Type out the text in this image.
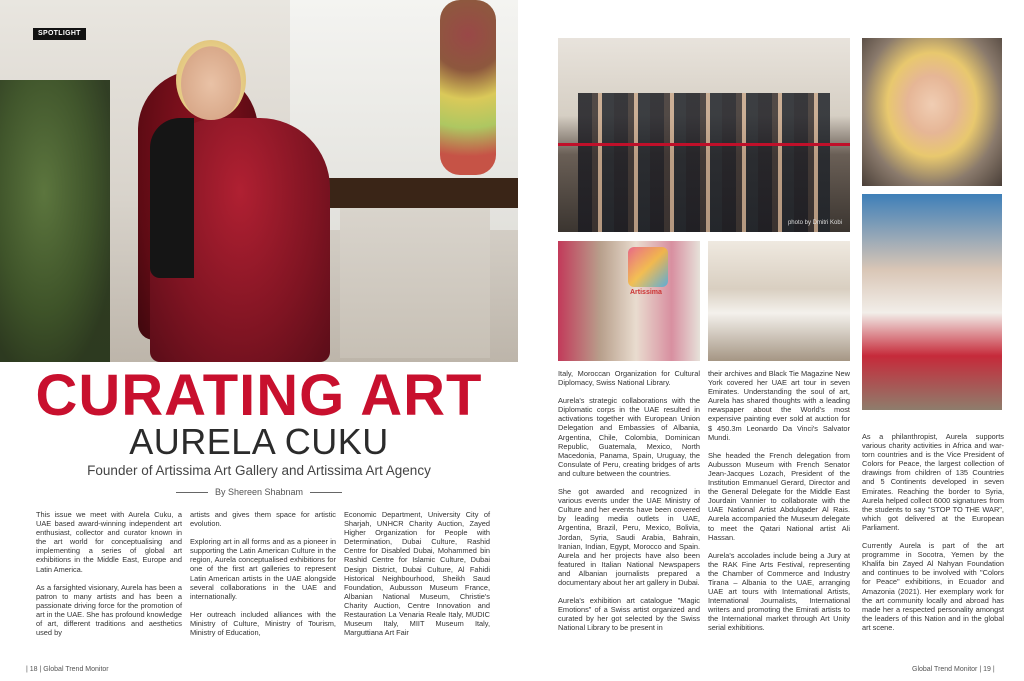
SPOTLIGHT
CURATING ART
AURELA CUKU
Founder of Artissima Art Gallery and Artissima Art Agency
By Shereen Shabnam

This issue we meet with Aurela Cuku, a UAE based award-winning independent art enthusiast, collector and curator known in the art world for conceptualising and implementing a series of global art exhibitions in the Middle East, Europe and Latin America.

As a farsighted visionary, Aurela has been a patron to many artists and has been a passionate driving force for the promotion of art in the UAE. She has profound knowledge of art, different traditions and aesthetics used by

artists and gives them space for artistic evolution.

Exploring art in all forms and as a pioneer in supporting the Latin American Culture in the region, Aurela conceptualised exhibitions for one of the first art galleries to represent Latin American artists in the UAE alongside several collaborations in the UAE and internationally.

Her outreach included alliances with the Ministry of Culture, Ministry of Tourism, Ministry of Education,

Economic Department, University City of Sharjah, UNHCR Charity Auction, Zayed Higher Organization for People with Determination, Dubai Culture, Rashid Centre for Disabled Dubai, Mohammed bin Rashid Centre for Islamic Culture, Dubai Design District, Dubai Culture, Al Fahidi Historical Neighbourhood, Sheikh Saud Foundation, Aubusson Museum France, Albanian National Museum, Christie's Charity Auction, Centre Innovation and Restauration La Venaria Reale Italy, MUDIC Museum Italy, MIIT Museum Italy, Marguttiana Art Fair

| 18 | Global Trend Monitor
photo by Dmitri Kobi
Artissima

Italy, Moroccan Organization for Cultural Diplomacy, Swiss National Library.

Aurela's strategic collaborations with the Diplomatic corps in the UAE resulted in activations together with European Union Delegation and Embassies of Albania, Argentina, Chile, Colombia, Dominican Republic, Guatemala, Mexico, North Macedonia, Panama, Spain, Uruguay, the Consulate of Peru, creating bridges of arts and culture between the countries.

She got awarded and recognized in various events under the UAE Ministry of Culture and her events have been covered by leading media outlets in UAE, Argentina, Brazil, Peru, Mexico, Bolivia, Jordan, Syria, Saudi Arabia, Bahrain, Iranian, Indian, Egypt, Morocco and Spain. Aurela and her projects have also been featured in Italian National Newspapers and Albanian journalists prepared a documentary about her art gallery in Dubai.

Aurela's exhibition art catalogue "Magic Emotions" of a Swiss artist organized and curated by her got selected by the Swiss National Library to be present in

their archives and Black Tie Magazine New York covered her UAE art tour in seven Emirates. Understanding the soul of art, Aurela has shared thoughts with a leading newspaper about the World's most expensive painting ever sold at auction for $ 450.3m Leonardo Da Vinci's Salvator Mundi.

She headed the French delegation from Aubusson Museum with French Senator Jean-Jacques Lozach, President of the Institution Emmanuel Gerard, Director and the General Delegate for the Middle East Jourdain Vannier to collaborate with the UAE National Artist Abdulqader Al Rais. Aurela accompanied the Museum delegate to meet the Qatari National artist Ali Hassan.

Aurela's accolades include being a Jury at the RAK Fine Arts Festival, representing the Chamber of Commerce and Industry Tirana – Albania to the UAE, arranging UAE art tours with International Artists, International Journalists, International writers and promoting the Emirati artists to the International market through Art Unity serial exhibitions.

As a philanthropist, Aurela supports various charity activities in Africa and war-torn countries and is the Vice President of Colors for Peace, the largest collection of drawings from children of 135 Countries and 5 Continents developed in seven Emirates. Reaching the border to Syria, Aurela helped collect 6000 signatures from the students to say "STOP TO THE WAR", which got delivered at the European Parliament.

Currently Aurela is part of the art programme in Socotra, Yemen by the Khalifa bin Zayed Al Nahyan Foundation and continues to be involved with "Colors for Peace" exhibitions, in Ecuador and Amazonia (2021). Her exemplary work for the art community locally and abroad has made her a respected personality amongst the leaders of this Nation and in the global art scene.

Global Trend Monitor | 19 |
